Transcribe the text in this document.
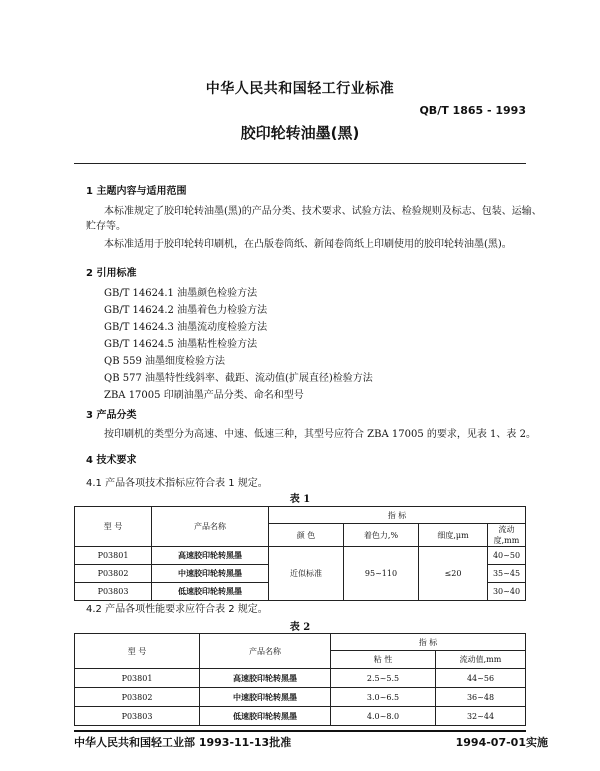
中华人民共和国轻工行业标准
QB/T 1865 - 1993
胶印轮转油墨(黑)
1 主题内容与适用范围
本标准规定了胶印轮转油墨(黑)的产品分类、技术要求、试验方法、检验规则及标志、包装、运输、贮存等。
本标准适用于胶印轮转印刷机，在凸版卷筒纸、新闻卷筒纸上印刷使用的胶印轮转油墨(黑)。
2 引用标准
GB/T 14624.1 油墨颜色检验方法
GB/T 14624.2 油墨着色力检验方法
GB/T 14624.3 油墨流动度检验方法
GB/T 14624.5 油墨粘性检验方法
QB 559 油墨细度检验方法
QB 577 油墨特性线斜率、截距、流动值(扩展直径)检验方法
ZBA 17005 印刷油墨产品分类、命名和型号
3 产品分类
按印刷机的类型分为高速、中速、低速三种，其型号应符合 ZBA 17005 的要求，见表 1、表 2。
4 技术要求
4.1 产品各项技术指标应符合表 1 规定。
表 1
型 号	产品名称	指 标			
		颜 色	着色力,%	细度,μm	流动度,mm
P03801	高速胶印轮转黑墨	近似标准	95~110	≤20	40~50
P03802	中速胶印轮转黑墨				35~45
P03803	低速胶印轮转黑墨				30~40
4.2 产品各项性能要求应符合表 2 规定。
表 2
型 号	产品名称	指 标	
		粘 性	流动值,mm
P03801	高速胶印轮转黑墨	2.5~5.5	44~56
P03802	中速胶印轮转黑墨	3.0~6.5	36~48
P03803	低速胶印轮转黑墨	4.0~8.0	32~44
中华人民共和国轻工业部 1993-11-13批准	1994-07-01实施
